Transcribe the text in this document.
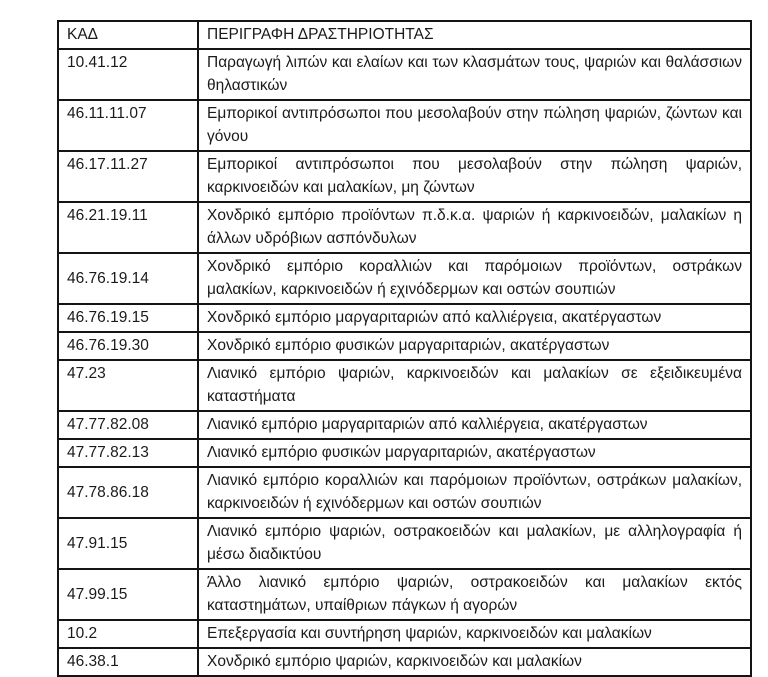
ΚΑΔ	ΠΕΡΙΓΡΑΦΗ ΔΡΑΣΤΗΡΙΟΤΗΤΑΣ
10.41.12	Παραγωγή λιπών και ελαίων και των κλασμάτων τους, ψαριών και θαλάσσιων θηλαστικών
46.11.11.07	Εμπορικοί αντιπρόσωποι που μεσολαβούν στην πώληση ψαριών, ζώντων και γόνου
46.17.11.27	Εμπορικοί αντιπρόσωποι που μεσολαβούν στην πώληση ψαριών, καρκινοειδών και μαλακίων, μη ζώντων
46.21.19.11	Χονδρικό εμπόριο προϊόντων π.δ.κ.α. ψαριών ή καρκινοειδών, μαλακίων η άλλων υδρόβιων ασπόνδυλων
46.76.19.14	Χονδρικό εμπόριο κοραλλιών και παρόμοιων προϊόντων, οστράκων μαλακίων, καρκινοειδών ή εχινόδερμων και οστών σουπιών
46.76.19.15	Χονδρικό εμπόριο μαργαριταριών από καλλιέργεια, ακατέργαστων
46.76.19.30	Χονδρικό εμπόριο φυσικών μαργαριταριών, ακατέργαστων
47.23	Λιανικό εμπόριο ψαριών, καρκινοειδών και μαλακίων σε εξειδικευμένα καταστήματα
47.77.82.08	Λιανικό εμπόριο μαργαριταριών από καλλιέργεια, ακατέργαστων
47.77.82.13	Λιανικό εμπόριο φυσικών μαργαριταριών, ακατέργαστων
47.78.86.18	Λιανικό εμπόριο κοραλλιών και παρόμοιων προϊόντων, οστράκων μαλακίων, καρκινοειδών ή εχινόδερμων και οστών σουπιών
47.91.15	Λιανικό εμπόριο ψαριών, οστρακοειδών και μαλακίων, με αλληλογραφία ή μέσω διαδικτύου
47.99.15	Άλλο λιανικό εμπόριο ψαριών, οστρακοειδών και μαλακίων εκτός καταστημάτων, υπαίθριων πάγκων ή αγορών
10.2	Επεξεργασία και συντήρηση ψαριών, καρκινοειδών και μαλακίων
46.38.1	Χονδρικό εμπόριο ψαριών, καρκινοειδών και μαλακίων
